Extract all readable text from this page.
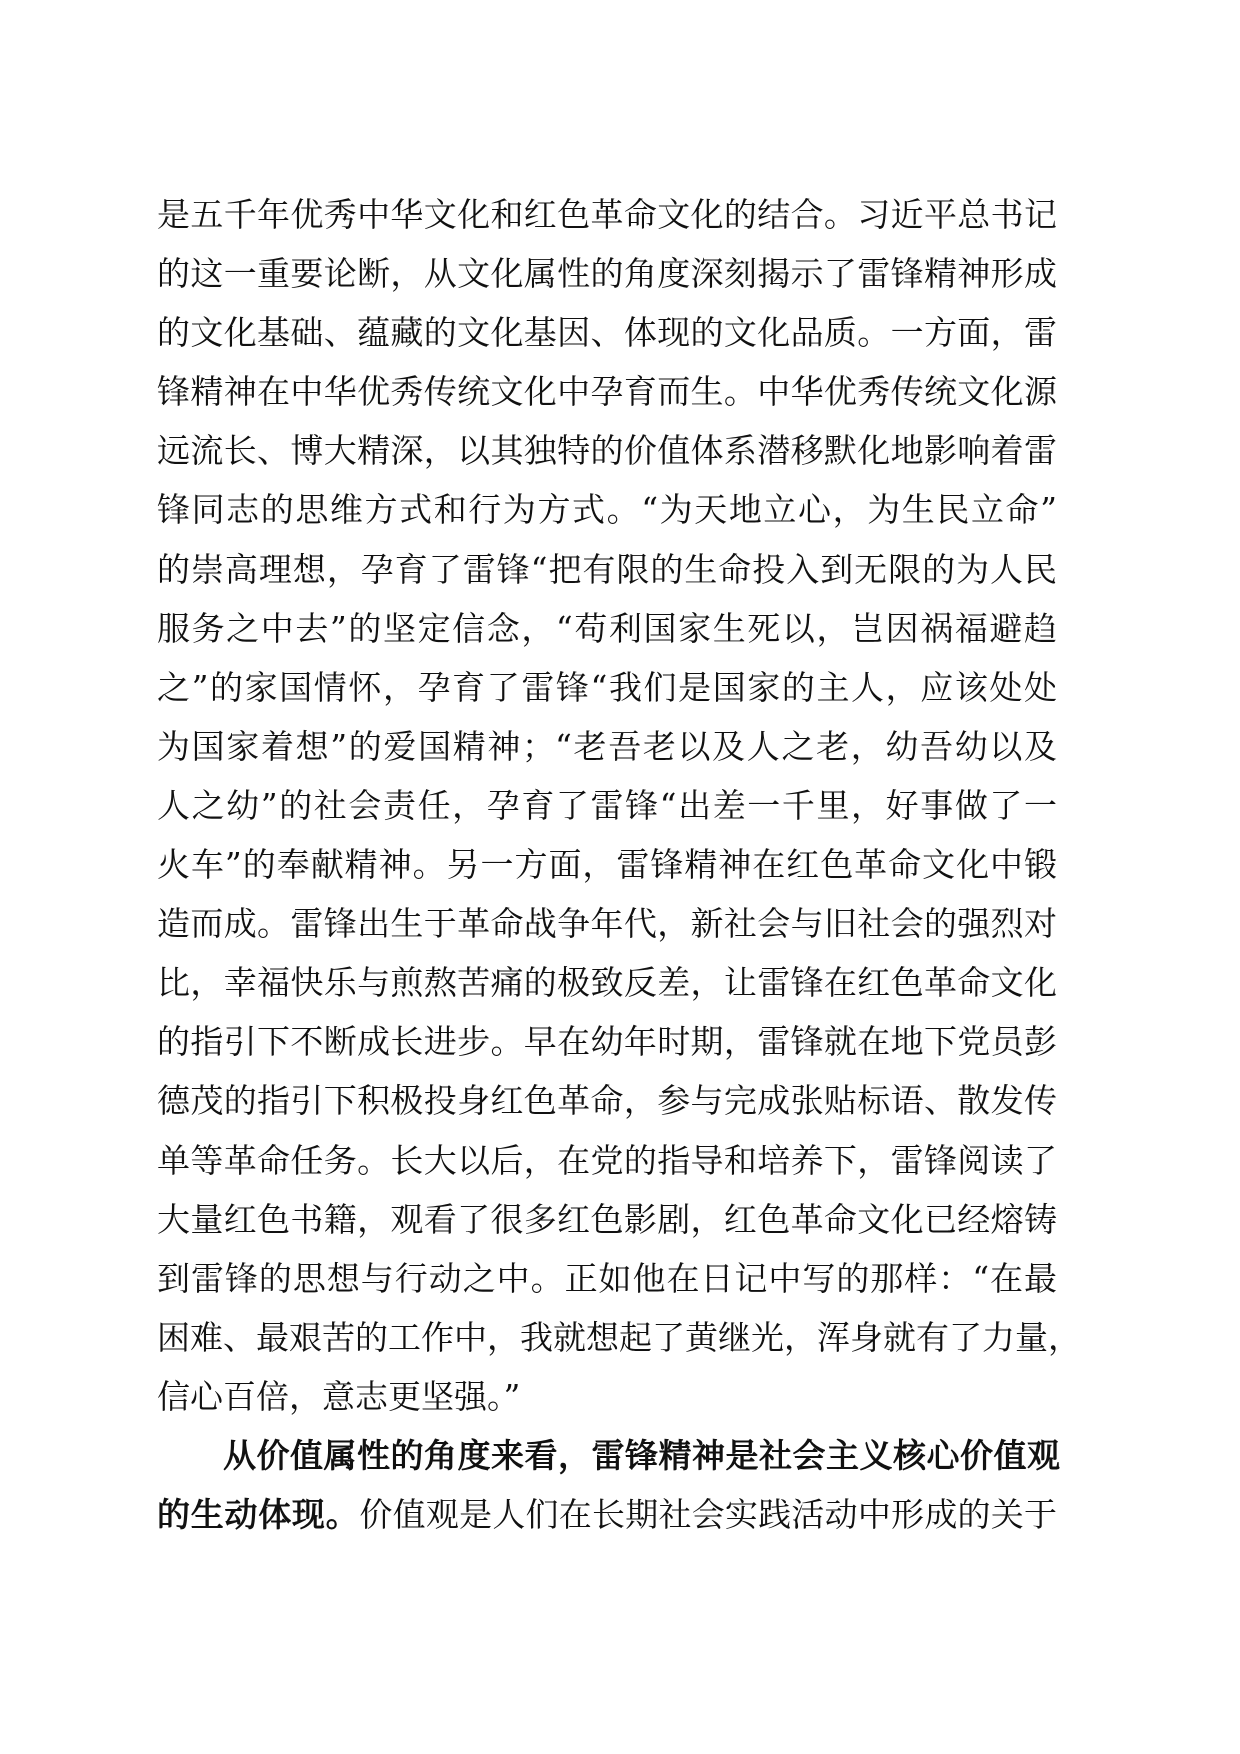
是五千年优秀中华文化和红色革命文化的结合。习近平总书记
的这一重要论断，从文化属性的角度深刻揭示了雷锋精神形成
的文化基础、蕴藏的文化基因、体现的文化品质。一方面，雷
锋精神在中华优秀传统文化中孕育而生。中华优秀传统文化源
远流长、博大精深，以其独特的价值体系潜移默化地影响着雷
锋同志的思维方式和行为方式。“为天地立心，为生民立命”
的崇高理想，孕育了雷锋“把有限的生命投入到无限的为人民
服务之中去”的坚定信念，“苟利国家生死以，岂因祸福避趋
之”的家国情怀，孕育了雷锋“我们是国家的主人，应该处处
为国家着想”的爱国精神；“老吾老以及人之老，幼吾幼以及
人之幼”的社会责任，孕育了雷锋“出差一千里，好事做了一
火车”的奉献精神。另一方面，雷锋精神在红色革命文化中锻
造而成。雷锋出生于革命战争年代，新社会与旧社会的强烈对
比，幸福快乐与煎熬苦痛的极致反差，让雷锋在红色革命文化
的指引下不断成长进步。早在幼年时期，雷锋就在地下党员彭
德茂的指引下积极投身红色革命，参与完成张贴标语、散发传
单等革命任务。长大以后，在党的指导和培养下，雷锋阅读了
大量红色书籍，观看了很多红色影剧，红色革命文化已经熔铸
到雷锋的思想与行动之中。正如他在日记中写的那样：“在最
困难、最艰苦的工作中，我就想起了黄继光，浑身就有了力量，
信心百倍，意志更坚强。”
从价值属性的角度来看，雷锋精神是社会主义核心价值观
的生动体现。价值观是人们在长期社会实践活动中形成的关于
